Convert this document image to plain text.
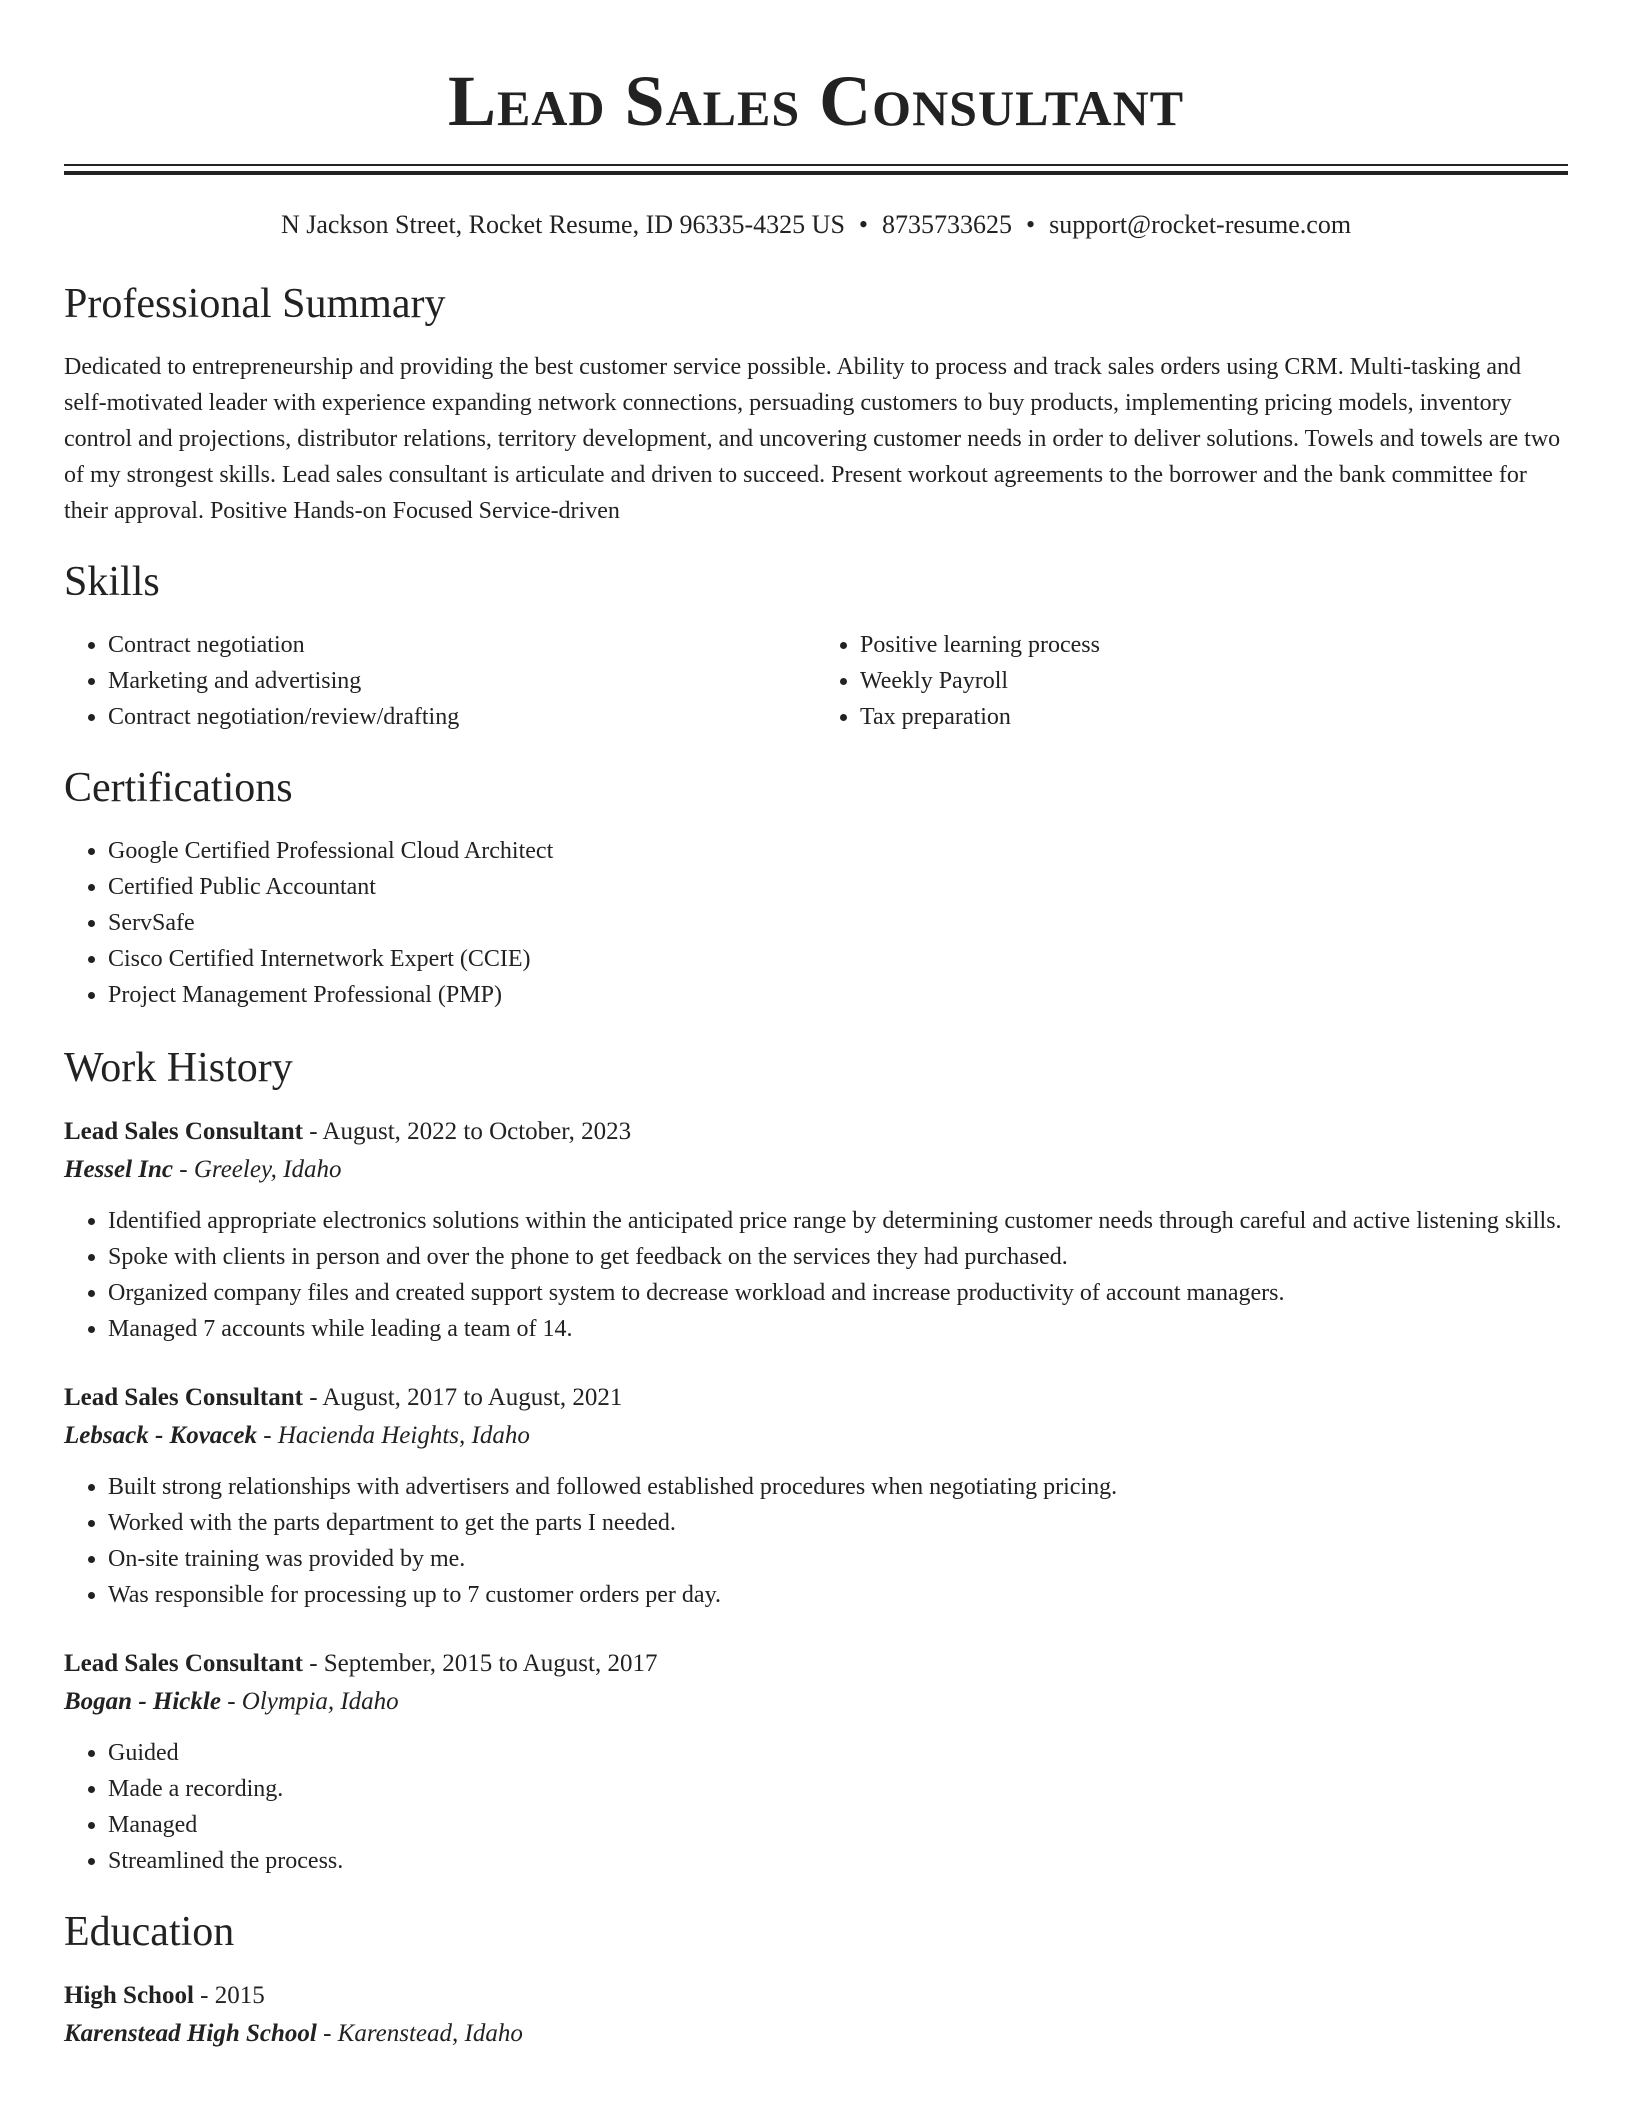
Lead Sales Consultant
N Jackson Street, Rocket Resume, ID 96335-4325 US • 8735733625 • support@rocket-resume.com
Professional Summary

Dedicated to entrepreneurship and providing the best customer service possible. Ability to process and track sales orders using CRM. Multi-tasking and self-motivated leader with experience expanding network connections, persuading customers to buy products, implementing pricing models, inventory control and projections, distributor relations, territory development, and uncovering customer needs in order to deliver solutions. Towels and towels are two of my strongest skills. Lead sales consultant is articulate and driven to succeed. Present workout agreements to the borrower and the bank committee for their approval. Positive Hands-on Focused Service-driven

Skills
• Contract negotiation
• Marketing and advertising
• Contract negotiation/review/drafting
• Positive learning process
• Weekly Payroll
• Tax preparation
Certifications
• Google Certified Professional Cloud Architect
• Certified Public Accountant
• ServSafe
• Cisco Certified Internetwork Expert (CCIE)
• Project Management Professional (PMP)
Work History
Lead Sales Consultant - August, 2022 to October, 2023
Hessel Inc - Greeley, Idaho
• Identified appropriate electronics solutions within the anticipated price range by determining customer needs through careful and active listening skills.
• Spoke with clients in person and over the phone to get feedback on the services they had purchased.
• Organized company files and created support system to decrease workload and increase productivity of account managers.
• Managed 7 accounts while leading a team of 14.
Lead Sales Consultant - August, 2017 to August, 2021
Lebsack - Kovacek - Hacienda Heights, Idaho
• Built strong relationships with advertisers and followed established procedures when negotiating pricing.
• Worked with the parts department to get the parts I needed.
• On-site training was provided by me.
• Was responsible for processing up to 7 customer orders per day.
Lead Sales Consultant - September, 2015 to August, 2017
Bogan - Hickle - Olympia, Idaho
• Guided
• Made a recording.
• Managed
• Streamlined the process.
Education
High School - 2015
Karenstead High School - Karenstead, Idaho
